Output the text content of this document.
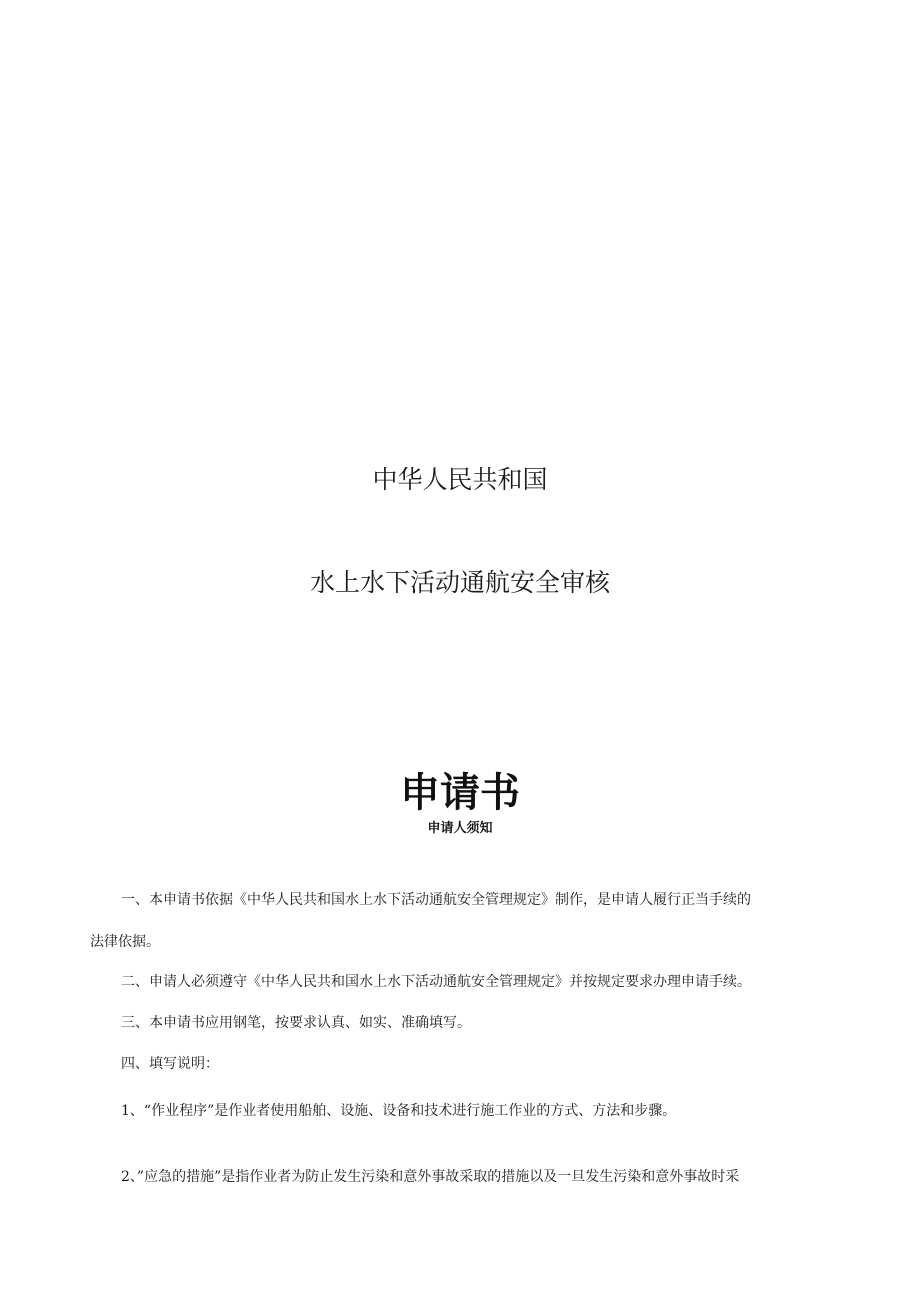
中华人民共和国
水上水下活动通航安全审核
申请书
申请人须知
一、本申请书依据《中华人民共和国水上水下活动通航安全管理规定》制作，是申请人履行正当手续的
法律依据。
二、申请人必须遵守《中华人民共和国水上水下活动通航安全管理规定》并按规定要求办理申请手续。
三、本申请书应用钢笔，按要求认真、如实、准确填写。
四、填写说明：
1、“作业程序”是作业者使用船舶、设施、设备和技术进行施工作业的方式、方法和步骤。
2、”应急的措施”是指作业者为防止发生污染和意外事故采取的措施以及一旦发生污染和意外事故时采
